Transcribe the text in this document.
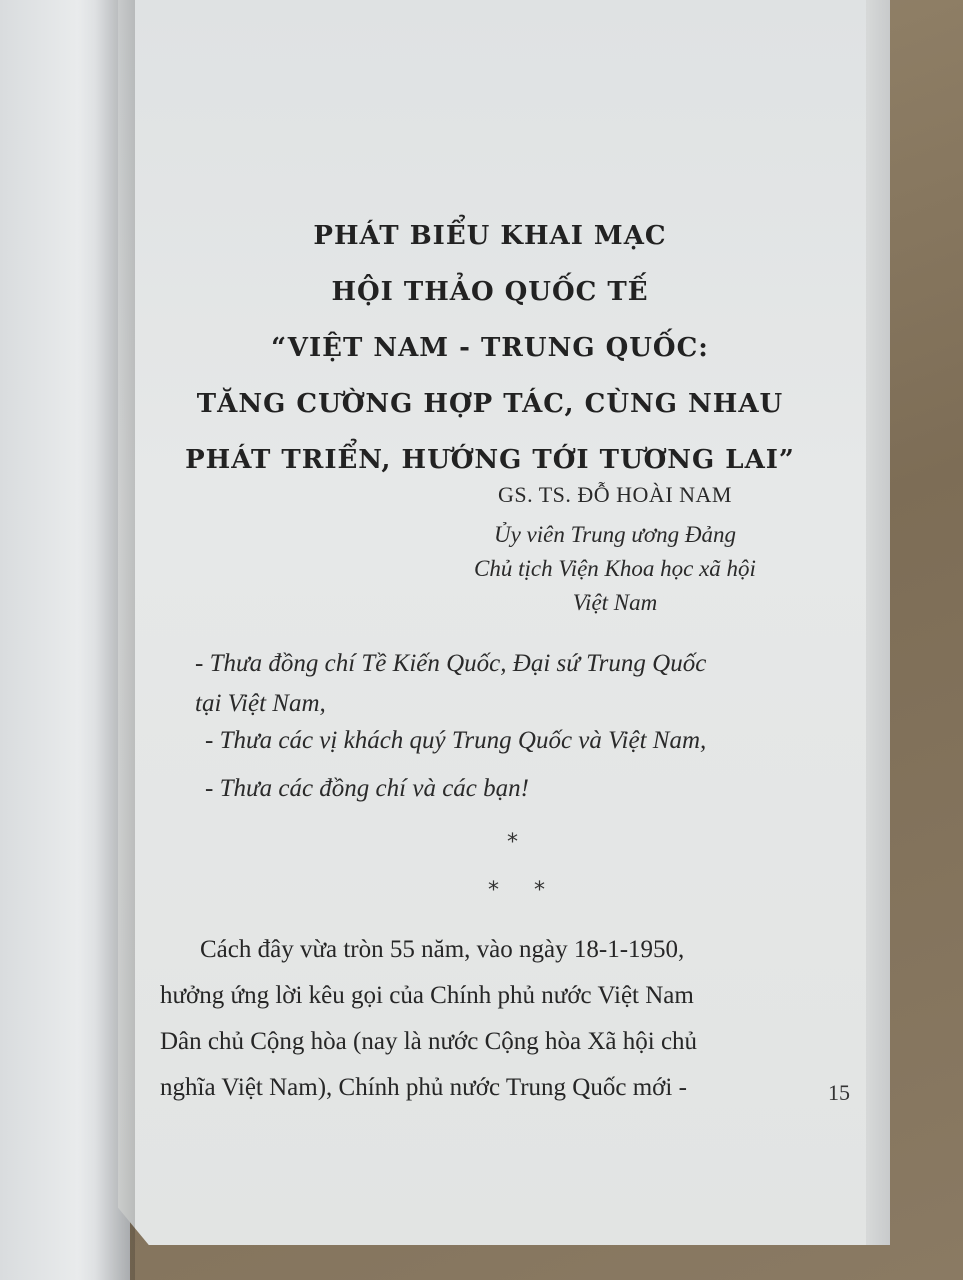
PHÁT BIỂU KHAI MẠC
HỘI THẢO QUỐC TẾ
“VIỆT NAM - TRUNG QUỐC:
TĂNG CƯỜNG HỢP TÁC, CÙNG NHAU
PHÁT TRIỂN, HƯỚNG TỚI TƯƠNG LAI”
GS. TS. ĐỖ HOÀI NAM
Ủy viên Trung ương Đảng
Chủ tịch Viện Khoa học xã hội
Việt Nam
- Thưa đồng chí Tề Kiến Quốc, Đại sứ Trung Quốc
tại Việt Nam,
- Thưa các vị khách quý Trung Quốc và Việt Nam,
- Thưa các đồng chí và các bạn!
*
* *
Cách đây vừa tròn 55 năm, vào ngày 18-1-1950,
hưởng ứng lời kêu gọi của Chính phủ nước Việt Nam
Dân chủ Cộng hòa (nay là nước Cộng hòa Xã hội chủ
nghĩa Việt Nam), Chính phủ nước Trung Quốc mới -	15
